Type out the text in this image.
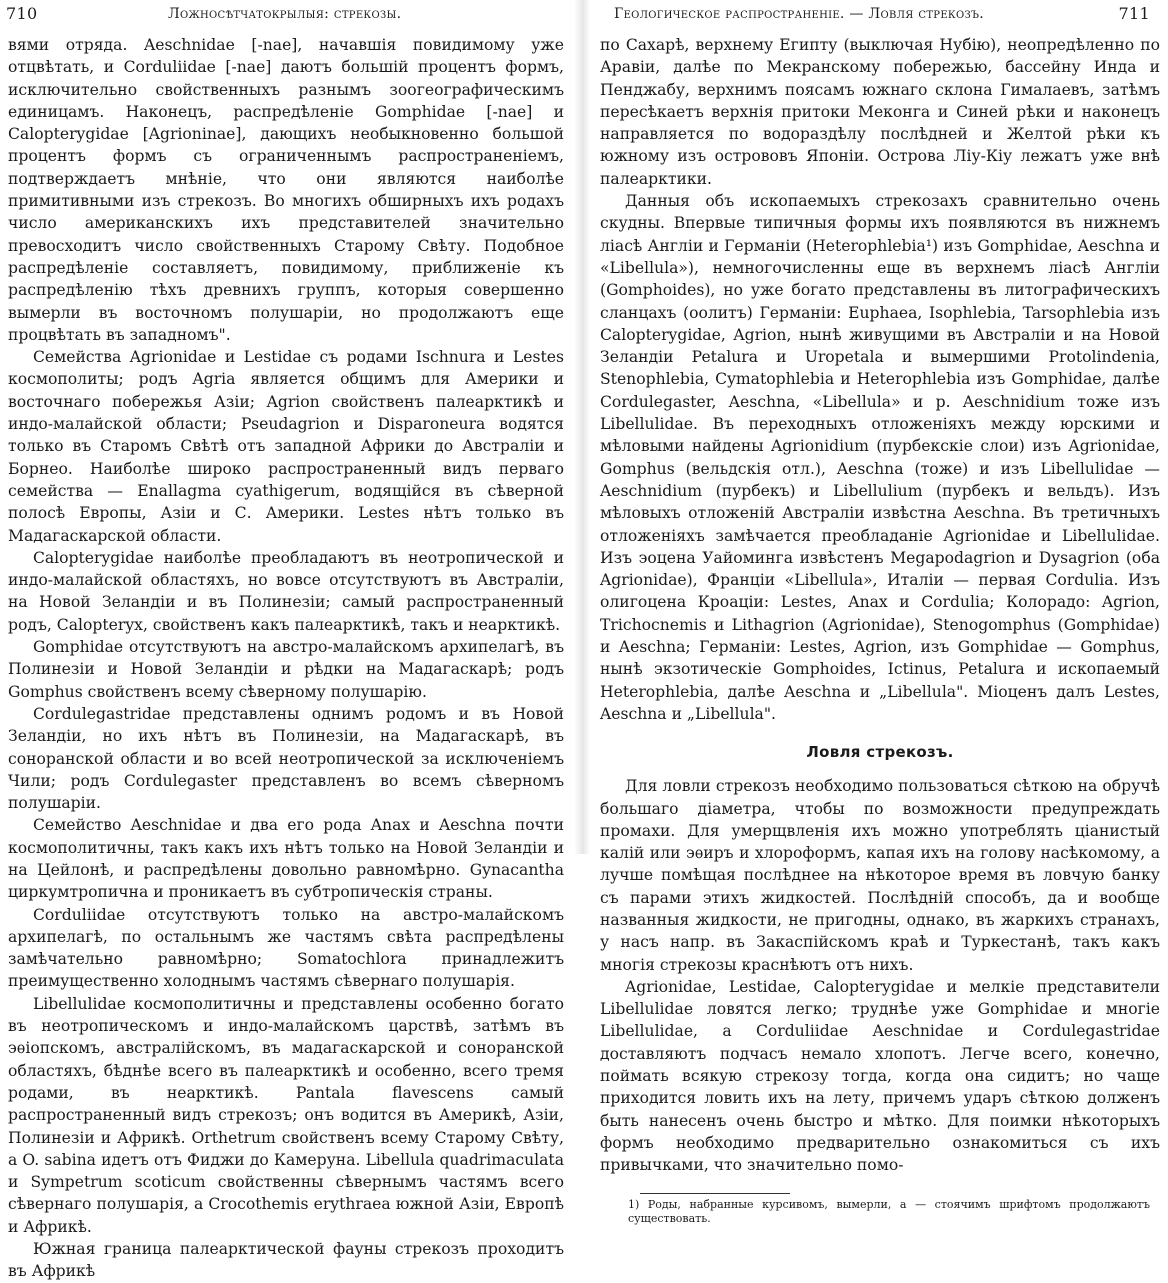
710	Ложносѣтчатокрылыя: стрекозы.

вями отряда. Aeschnidae [-nae], начавшія повидимому уже отцвѣтать, и Corduliidae [-nae] даютъ большій процентъ формъ, исключительно свойственныхъ разнымъ зоогеографическимъ единицамъ. Наконецъ, распредѣленіе Gomphidae [-nae] и Calopterygidae [Agrioninae], дающихъ необыкновенно большой процентъ формъ съ ограниченнымъ распространеніемъ, подтверждаетъ мнѣніе, что они являются наиболѣе примитивными изъ стрекозъ. Во многихъ обширныхъ ихъ родахъ число американскихъ ихъ представителей значительно превосходитъ число свойственныхъ Старому Свѣту. Подобное распредѣленіе составляетъ, повидимому, приближеніе къ распредѣленію тѣхъ древнихъ группъ, которыя совершенно вымерли въ восточномъ полушаріи, но продолжаютъ еще процвѣтать въ западномъ".

Семейства Agrionidae и Lestidae съ родами Ischnura и Lestes космополиты; родъ Agria является общимъ для Америки и восточнаго побережья Азіи; Agrion свойственъ палеарктикѣ и индо-малайской области; Pseudagrion и Disparoneura водятся только въ Старомъ Свѣтѣ отъ западной Африки до Австраліи и Борнео. Наиболѣе широко распространенный видъ перваго семейства — Enallagma cyathigerum, водящійся въ сѣверной полосѣ Европы, Азіи и С. Америки. Lestes нѣтъ только въ Мадагаскарской области.

Calopterygidae наиболѣе преобладаютъ въ неотропической и индо-малайской областяхъ, но вовсе отсутствуютъ въ Австраліи, на Новой Зеландіи и въ Полинезіи; самый распространенный родъ, Calopteryx, свойственъ какъ палеарктикѣ, такъ и неарктикѣ.

Gomphidae отсутствуютъ на австро-малайскомъ архипелагѣ, въ Полинезіи и Новой Зеландіи и рѣдки на Мадагаскарѣ; родъ Gomphus свойственъ всему сѣверному полушарію.

Cordulegastridae представлены однимъ родомъ и въ Новой Зеландіи, но ихъ нѣтъ въ Полинезіи, на Мадагаскарѣ, въ сонoранской области и во всей неотропической за исключеніемъ Чили; родъ Cordulegaster представленъ во всемъ сѣверномъ полушаріи.

Семейство Aeschnidae и два его рода Anax и Aeschna почти космополитичны, такъ какъ ихъ нѣтъ только на Новой Зеландіи и на Цейлонѣ, и распредѣлены довольно равномѣрно. Gynacantha циркумтропична и проникаетъ въ субтропическія страны.

Corduliidae отсутствуютъ только на австро-малайскомъ архипелагѣ, по остальнымъ же частямъ свѣта распредѣлены замѣчательно равномѣрно; Somatochlora принадлежитъ преимущественно холоднымъ частямъ сѣвернаго полушарія.

Libellulidae космополитичны и представлены особенно богато въ неотропическомъ и индо-малайскомъ царствѣ, затѣмъ въ эѳіопскомъ, австралійскомъ, въ мадагаскарской и сонoранской областяхъ, бѣднѣе всего въ палеарктикѣ и особенно, всего тремя родами, въ неарктикѣ. Pantala flavescens самый распространенный видъ стрекозъ; онъ водится въ Америкѣ, Азіи, Полинезіи и Африкѣ. Orthetrum свойственъ всему Старому Свѣту, а O. sabina идетъ отъ Фиджи до Камеруна. Libellula quadrimaculata и Sympetrum scoticum свойственны сѣвернымъ частямъ всего сѣвернаго полушарія, а Crocothemis erythraea южной Азіи, Европѣ и Африкѣ.

Южная граница палеарктической фауны стрекозъ проходитъ въ Африкѣ

Геологическое распространеніе. — Ловля стрекозъ.	711

по Сахарѣ, верхнему Египту (выключая Нубію), неопредѣленно по Аравіи, далѣе по Мекранскому побережью, бассейну Инда и Пенджабу, верхнимъ поясамъ южнаго склона Гималаевъ, затѣмъ пересѣкаетъ верхнія притоки Меконга и Синей рѣки и наконецъ направляется по водораздѣлу послѣдней и Желтой рѣки къ южному изъ острововъ Японіи. Острова Ліу-Кіу лежатъ уже внѣ палеарктики.

Данныя объ ископаемыхъ стрекозахъ сравнительно очень скудны. Впервые типичныя формы ихъ появляются въ нижнемъ ліасѣ Англіи и Германіи (Heterophlebia¹) изъ Gomphidae, Aeschna и «Libellula»), немногочисленны еще въ верхнемъ ліасѣ Англіи (Gomphoides), но уже богато представлены въ литографическихъ сланцахъ (оолитъ) Германіи: Euphaea, Isophlebia, Tarsophlebia изъ Calopterygidae, Agrion, нынѣ живущими въ Австраліи и на Новой Зеландіи Petalura и Uropetala и вымершими Protolindenia, Stenophlebia, Cymatophlebia и Heterophlebia изъ Gomphidae, далѣе Cordulegaster, Aeschna, «Libellula» и р. Aeschnidium тоже изъ Libellulidae. Въ переходныхъ отложеніяхъ между юрскими и мѣловыми найдены Agrionidium (пурбекскіе слои) изъ Agrionidae, Gomphus (вельдскія отл.), Aeschna (тоже) и изъ Libellulidae — Aeschnidium (пурбекъ) и Libellulium (пурбекъ и вельдъ). Изъ мѣловыхъ отложеній Австраліи извѣстна Aeschna. Въ третичныхъ отложеніяхъ замѣчается преобладаніе Agrionidae и Libellulidae. Изъ эоцена Уайоминга извѣстенъ Megapodagrion и Dysagrion (оба Agrionidae), Франціи «Libellula», Италіи — первая Cordulia. Изъ олигоцена Кроаціи: Lestes, Anax и Cordulia; Колорадо: Agrion, Trichocnemis и Lithagrion (Agrionidae), Stenogomphus (Gomphidae) и Aeschna; Германіи: Lestes, Agrion, изъ Gomphidae — Gomphus, нынѣ экзотическіе Gomphoides, Ictinus, Petalura и ископаемый Heterophlebia, далѣе Aeschna и „Libellula". Міоценъ далъ Lestes, Aeschna и „Libellula".

Ловля стрекозъ.

Для ловли стрекозъ необходимо пользоваться сѣткою на обручѣ большаго діаметра, чтобы по возможности предупреждать промахи. Для умерщвленія ихъ можно употреблять ціанистый калій или эѳиръ и хлороформъ, капая ихъ на голову насѣкомому, а лучше помѣщая послѣднее на нѣкоторое время въ ловчую банку съ парами этихъ жидкостей. Послѣдній способъ, да и вообще названныя жидкости, не пригодны, однако, въ жаркихъ странахъ, у насъ напр. въ Закаспійскомъ краѣ и Туркестанѣ, такъ какъ многія стрекозы краснѣютъ отъ нихъ.

Agrionidae, Lestidae, Calopterygidae и мелкіе представители Libellulidae ловятся легко; труднѣе уже Gomphidae и многіе Libellulidae, а Corduliidae Aeschnidae и Cordulegastridae доставляютъ подчасъ немало хлопотъ. Легче всего, конечно, поймать всякую стрекозу тогда, когда она сидитъ; но чаще приходится ловить ихъ на лету, причемъ ударъ сѣткою долженъ быть нанесенъ очень быстро и мѣтко. Для поимки нѣкоторыхъ формъ необходимо предварительно ознакомиться съ ихъ привычками, что значительно помо-

1) Роды, набранные курсивомъ, вымерли, а — стоячимъ шрифтомъ продолжаютъ существовать.
